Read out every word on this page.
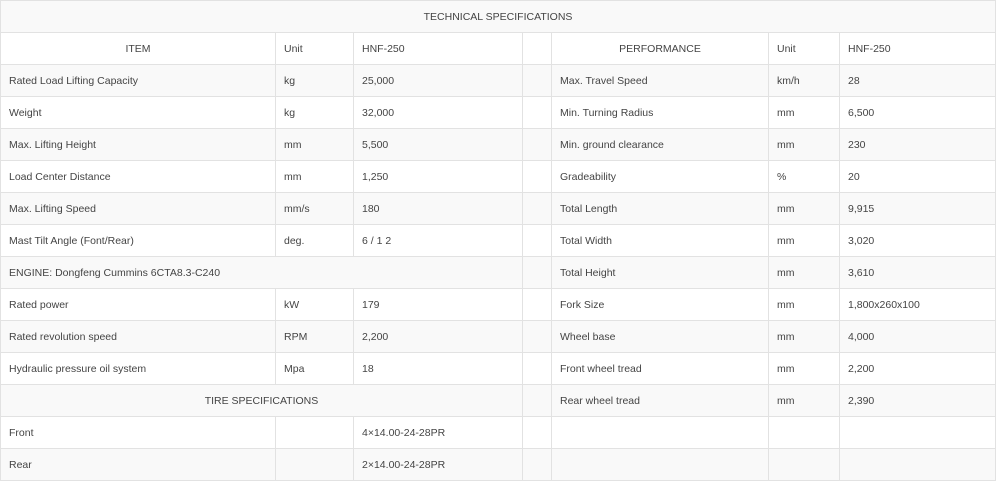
TECHNICAL SPECIFICATIONS						
ITEM	Unit	HNF-250		PERFORMANCE	Unit	HNF-250
Rated Load Lifting Capacity	kg	25,000		Max. Travel Speed	km/h	28
Weight	kg	32,000		Min. Turning Radius	mm	6,500
Max. Lifting Height	mm	5,500		Min. ground clearance	mm	230
Load Center Distance	mm	1,250		Gradeability	%	20
Max. Lifting Speed	mm/s	180		Total Length	mm	9,915
Mast Tilt Angle (Font/Rear)	deg.	6 / 1 2		Total Width	mm	3,020
ENGINE: Dongfeng Cummins 6CTA8.3-C240				Total Height	mm	3,610
Rated power	kW	179		Fork Size	mm	1,800x260x100
Rated revolution speed	RPM	2,200		Wheel base	mm	4,000
Hydraulic pressure oil system	Mpa	18		Front wheel tread	mm	2,200
TIRE SPECIFICATIONS				Rear wheel tread	mm	2,390
Front		4×14.00-24-28PR				
Rear		2×14.00-24-28PR				
